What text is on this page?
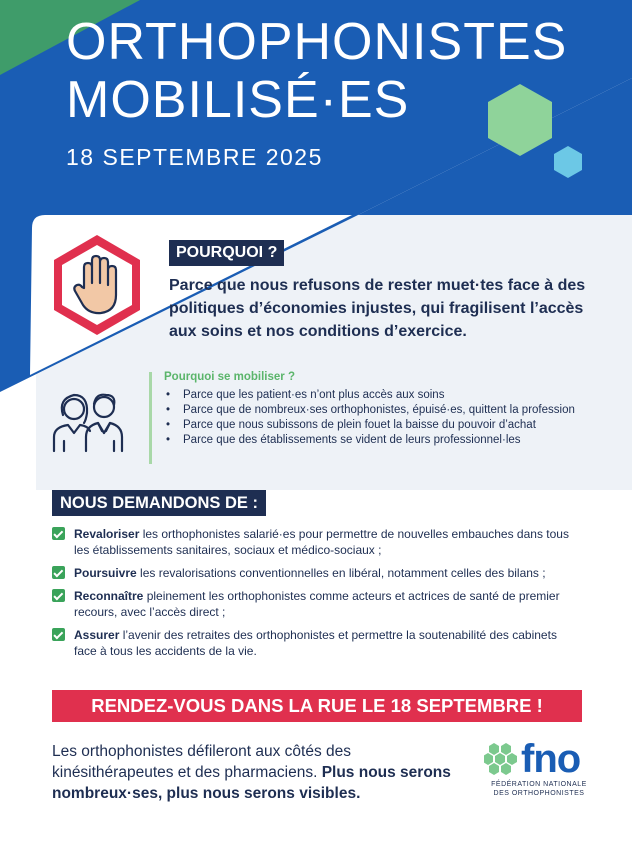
ORTHOPHONISTES
MOBILISÉ·ES
18 SEPTEMBRE 2025
POURQUOI ?
Parce que nous refusons de rester muet·tes face à des politiques d’économies injustes, qui fragilisent l’accès aux soins et nos conditions d’exercice.
Pourquoi se mobiliser ?
• Parce que les patient·es n’ont plus accès aux soins
• Parce que de nombreux·ses orthophonistes, épuisé·es, quittent la profession
• Parce que nous subissons de plein fouet la baisse du pouvoir d’achat
• Parce que des établissements se vident de leurs professionnel·les
NOUS DEMANDONS DE :
Revaloriser les orthophonistes salarié·es pour permettre de nouvelles embauches dans tous les établissements sanitaires, sociaux et médico-sociaux ;
Poursuivre les revalorisations conventionnelles en libéral, notamment celles des bilans ;
Reconnaître pleinement les orthophonistes comme acteurs et actrices de santé de premier recours, avec l’accès direct ;
Assurer l’avenir des retraites des orthophonistes et permettre la soutenabilité des cabinets face à tous les accidents de la vie.
RENDEZ-VOUS DANS LA RUE LE 18 SEPTEMBRE !
Les orthophonistes défileront aux côtés des kinésithérapeutes et des pharmaciens. Plus nous serons nombreux·ses, plus nous serons visibles.
fno
FÉDÉRATION NATIONALE
DES ORTHOPHONISTES
